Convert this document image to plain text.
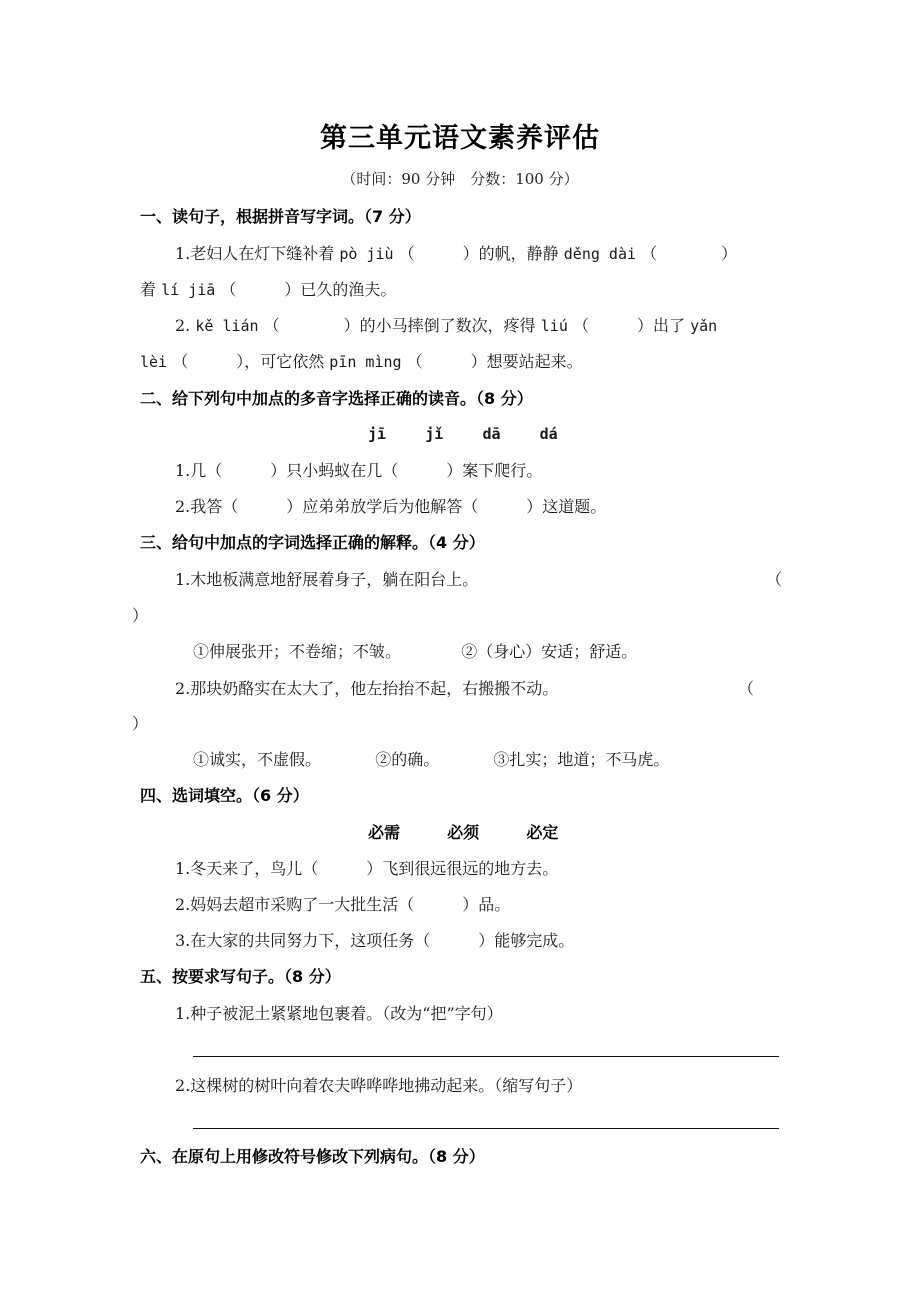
第三单元语文素养评估
（时间：90 分钟　分数：100 分）
一、读句子，根据拼音写字词。（7 分）
1.老妇人在灯下缝补着 pò jiù （　　　）的帆，静静 děng dài （　　　　）
着 lí jiā （　　　）已久的渔夫。
2. kě lián （　　　　）的小马摔倒了数次，疼得 liú （　　　）出了 yǎn
lèi （　　　），可它依然 pīn mìng （　　　）想要站起来。
二、给下列句中加点的多音字选择正确的读音。（8 分）
jī	jǐ	dā	dá
1.几（　　　）只小蚂蚁在几（　　　）案下爬行。
2.我答（　　　）应弟弟放学后为他解答（　　　）这道题。
三、给句中加点的字词选择正确的解释。（4 分）
1.木地板满意地舒展着身子，躺在阳台上。	（
）
①伸展张开；不卷缩；不皱。	②（身心）安适；舒适。
2.那块奶酪实在太大了，他左抬抬不起，右搬搬不动。	（
）
①诚实，不虚假。	②的确。	③扎实；地道；不马虎。
四、选词填空。（6 分）
必需	必须	必定
1.冬天来了，鸟儿（　　　）飞到很远很远的地方去。
2.妈妈去超市采购了一大批生活（　　　）品。
3.在大家的共同努力下，这项任务（　　　）能够完成。
五、按要求写句子。（8 分）
1.种子被泥土紧紧地包裹着。（改为“把”字句）
2.这棵树的树叶向着农夫哗哗哗地拂动起来。（缩写句子）
六、在原句上用修改符号修改下列病句。（8 分）
